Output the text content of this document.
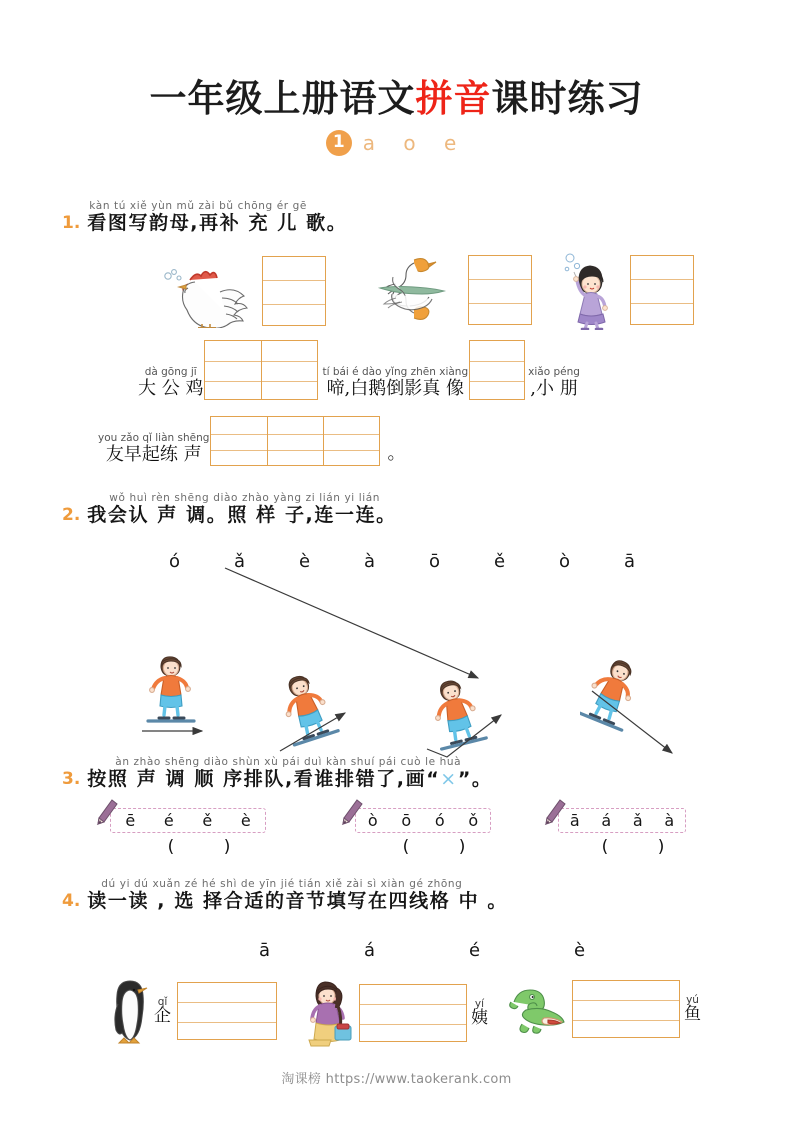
一年级上册语文拼音课时练习
1 a o e
1.
kàn tú xiě yùn mǔ zài bǔ chōng ér gē
看图写韵母,再补 充 儿 歌。
dà gōng jī
大 公 鸡
tí bái é dào yǐng zhēn xiàng
啼,白鹅倒影真 像
xiǎo péng
,小 朋
you zǎo qǐ liàn shēng
友早起练 声	。
2.
wǒ huì rèn shēng diào zhào yàng zi lián yi lián
我会认 声 调。照 样 子,连一连。
ó	ǎ	è	à	ō	ě	ò	ā
3.
àn zhào shēng diào shùn xù pái duì kàn shuí pái cuò le huà
按照 声 调 顺 序排队,看谁排错了,画“×”。
ē é ě è
( )
ò ō ó ǒ
( )
ā á ǎ à
( )
4.
dú yi dú xuǎn zé hé shì de yīn jié tián xiě zài sì xiàn gé zhōng
读一读 , 选 择合适的音节填写在四线格 中 。
ā	á	é	è
qǐ
企
yí
姨
yú
鱼
淘课榜 https://www.taokerank.com
